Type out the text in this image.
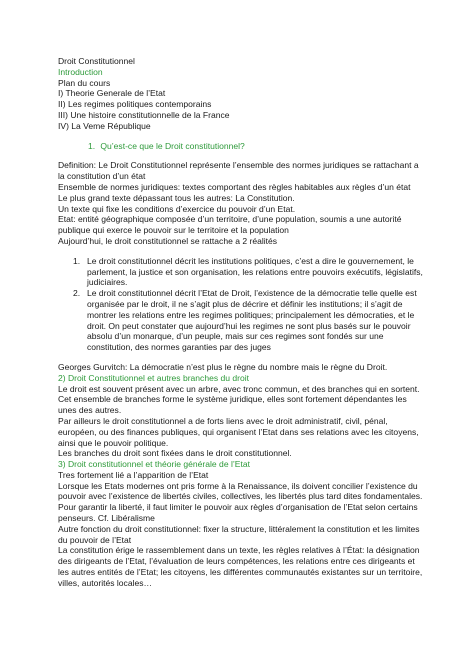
Droit Constitutionnel
Introduction
Plan du cours
I) Theorie Generale de l’Etat
II) Les regimes politiques contemporains
III) Une histoire constitutionnelle de la France
IV) La Veme République
1. Qu’est-ce que le Droit constitutionnel?
Definition: Le Droit Constitutionnel représente l’ensemble des normes juridiques se rattachant a
la constitution d’un état
Ensemble de normes juridiques: textes comportant des règles habitables aux règles d’un état
Le plus grand texte dépassant tous les autres: La Constitution.
Un texte qui fixe les conditions d’exercice du pouvoir d’un Etat.
Etat: entité géographique composée d’un territoire, d’une population, soumis a une autorité
publique qui exerce le pouvoir sur le territoire et la population
Aujourd’hui, le droit constitutionnel se rattache a 2 réalités
1. Le droit constitutionnel décrit les institutions politiques, c’est a dire le gouvernement, le
parlement, la justice et son organisation, les relations entre pouvoirs exécutifs, législatifs,
judiciaires.
2. Le droit constitutionnel décrit l’Etat de Droit, l’existence de la démocratie telle quelle est
organisée par le droit, il ne s’agit plus de décrire et définir les institutions; il s’agit de
montrer les relations entre les regimes politiques; principalement les démocraties, et le
droit. On peut constater que aujourd’hui les regimes ne sont plus basés sur le pouvoir
absolu d’un monarque, d’un peuple, mais sur ces regimes sont fondés sur une
constitution, des normes garanties par des juges
Georges Gurvitch: La démocratie n’est plus le règne du nombre mais le règne du Droit.
2) Droit Constitutionnel et autres branches du droit
Le droit est souvent présent avec un arbre, avec tronc commun, et des branches qui en sortent.
Cet ensemble de branches forme le système juridique, elles sont fortement dépendantes les
unes des autres.
Par ailleurs le droit constitutionnel a de forts liens avec le droit administratif, civil, pénal,
européen, ou des finances publiques, qui organisent l’Etat dans ses relations avec les citoyens,
ainsi que le pouvoir politique.
Les branches du droit sont fixées dans le droit constitutionnel.
3) Droit constitutionnel et théorie générale de l’Etat
Tres fortement lié a l’apparition de l’Etat
Lorsque les Etats modernes ont pris forme à la Renaissance, ils doivent concilier l’existence du
pouvoir avec l’existence de libertés civiles, collectives, les libertés plus tard dites fondamentales.
Pour garantir la liberté, il faut limiter le pouvoir aux règles d’organisation de l’Etat selon certains
penseurs. Cf. Libéralisme
Autre fonction du droit constitutionnel: fixer la structure, littéralement la constitution et les limites
du pouvoir de l’Etat
La constitution érige le rassemblement dans un texte, les règles relatives à l’État: la désignation
des dirigeants de l’Etat, l’évaluation de leurs compétences, les relations entre ces dirigeants et
les autres entités de l’Etat; les citoyens, les différentes communautés existantes sur un territoire,
villes, autorités locales…
